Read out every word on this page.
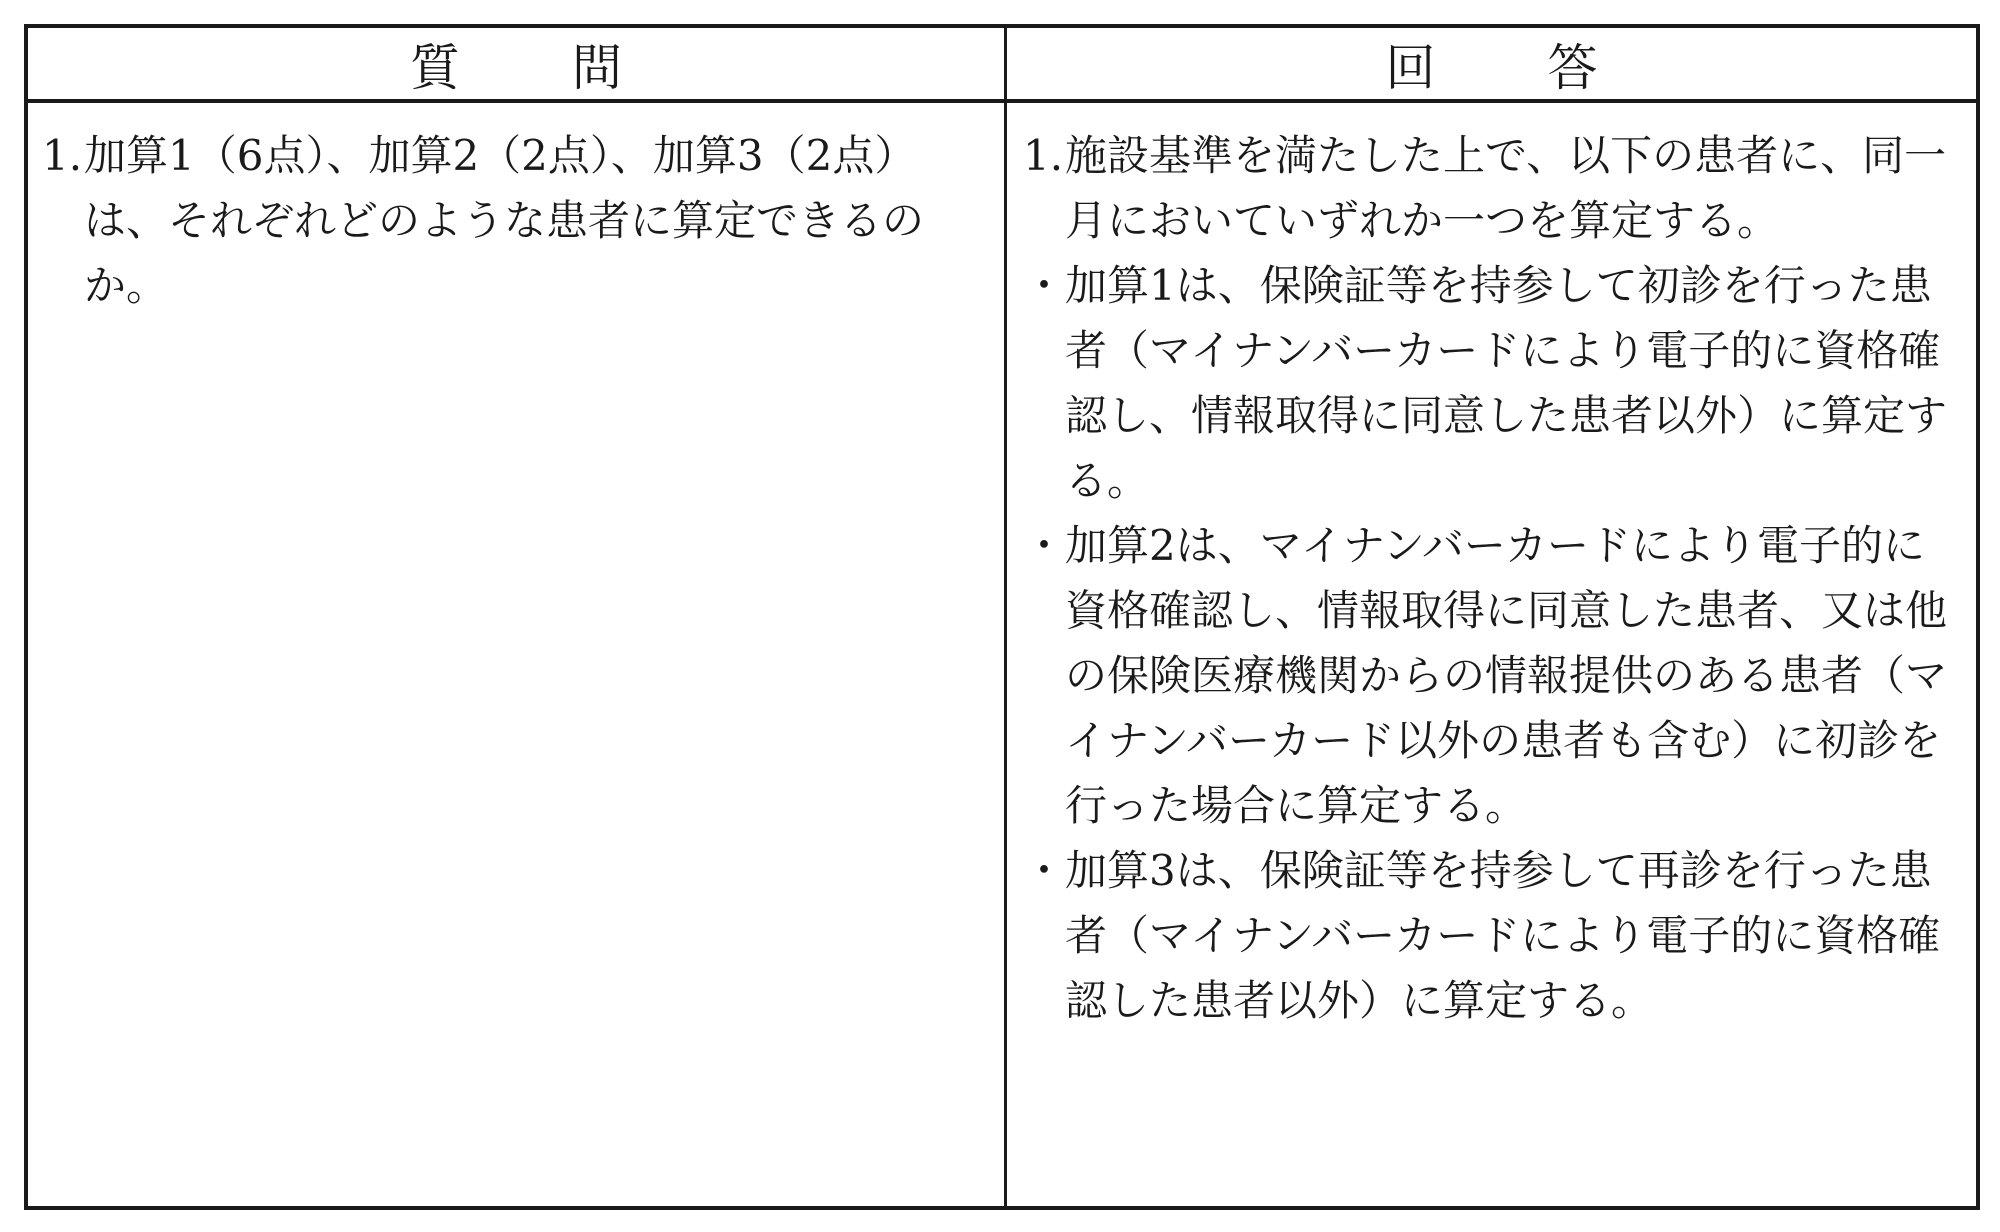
質 問	回 答

1.加算1（6点）、加算2（2点）、加算3（2点）は、それぞれどのような患者に算定できるのか。

1.施設基準を満たした上で、以下の患者に、同一月においていずれか一つを算定する。

・加算1は、保険証等を持参して初診を行った患者（マイナンバーカードにより電子的に資格確認し、情報取得に同意した患者以外）に算定する。

・加算2は、マイナンバーカードにより電子的に資格確認し、情報取得に同意した患者、又は他の保険医療機関からの情報提供のある患者（マイナンバーカード以外の患者も含む）に初診を行った場合に算定する。

・加算3は、保険証等を持参して再診を行った患者（マイナンバーカードにより電子的に資格確認した患者以外）に算定する。
